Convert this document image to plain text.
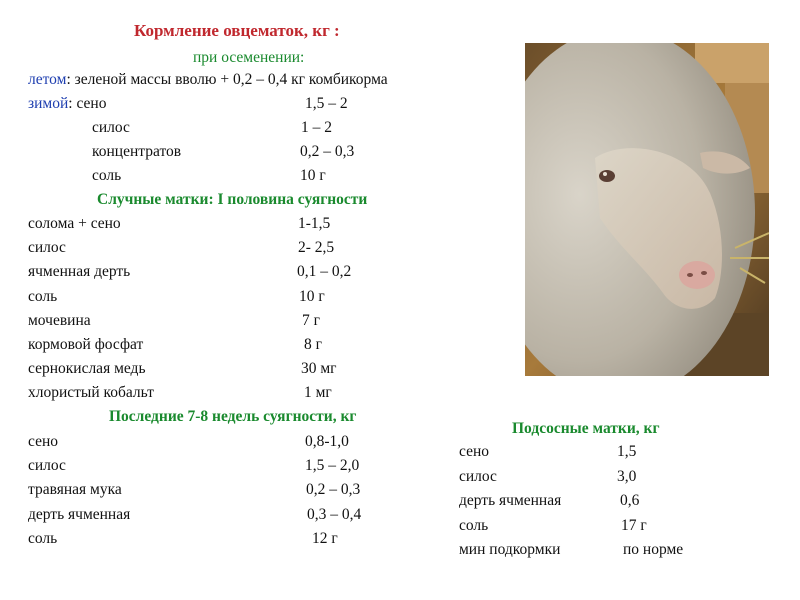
Кормление овцематок, кг :
при осеменении:
летом: зеленой массы вволю + 0,2 – 0,4 кг комбикорма
зимой: сено	1,5 – 2
силос	1 – 2
концентратов	0,2 – 0,3
соль	10 г
Случные матки: I половина суягности
солома + сено	1-1,5
силос	2- 2,5
ячменная дерть	0,1 – 0,2
соль	10 г
мочевина	7 г
кормовой фосфат	8 г
сернокислая медь	30 мг
хлористый кобальт	1 мг
Последние 7-8 недель суягности, кг
сено	0,8-1,0
силос	1,5 – 2,0
травяная мука	0,2 – 0,3
дерть ячменная	0,3 – 0,4
соль	12 г
Подсосные матки, кг
сено	1,5
силос	3,0
дерть ячменная	0,6
соль	17 г
мин подкормки	по норме
